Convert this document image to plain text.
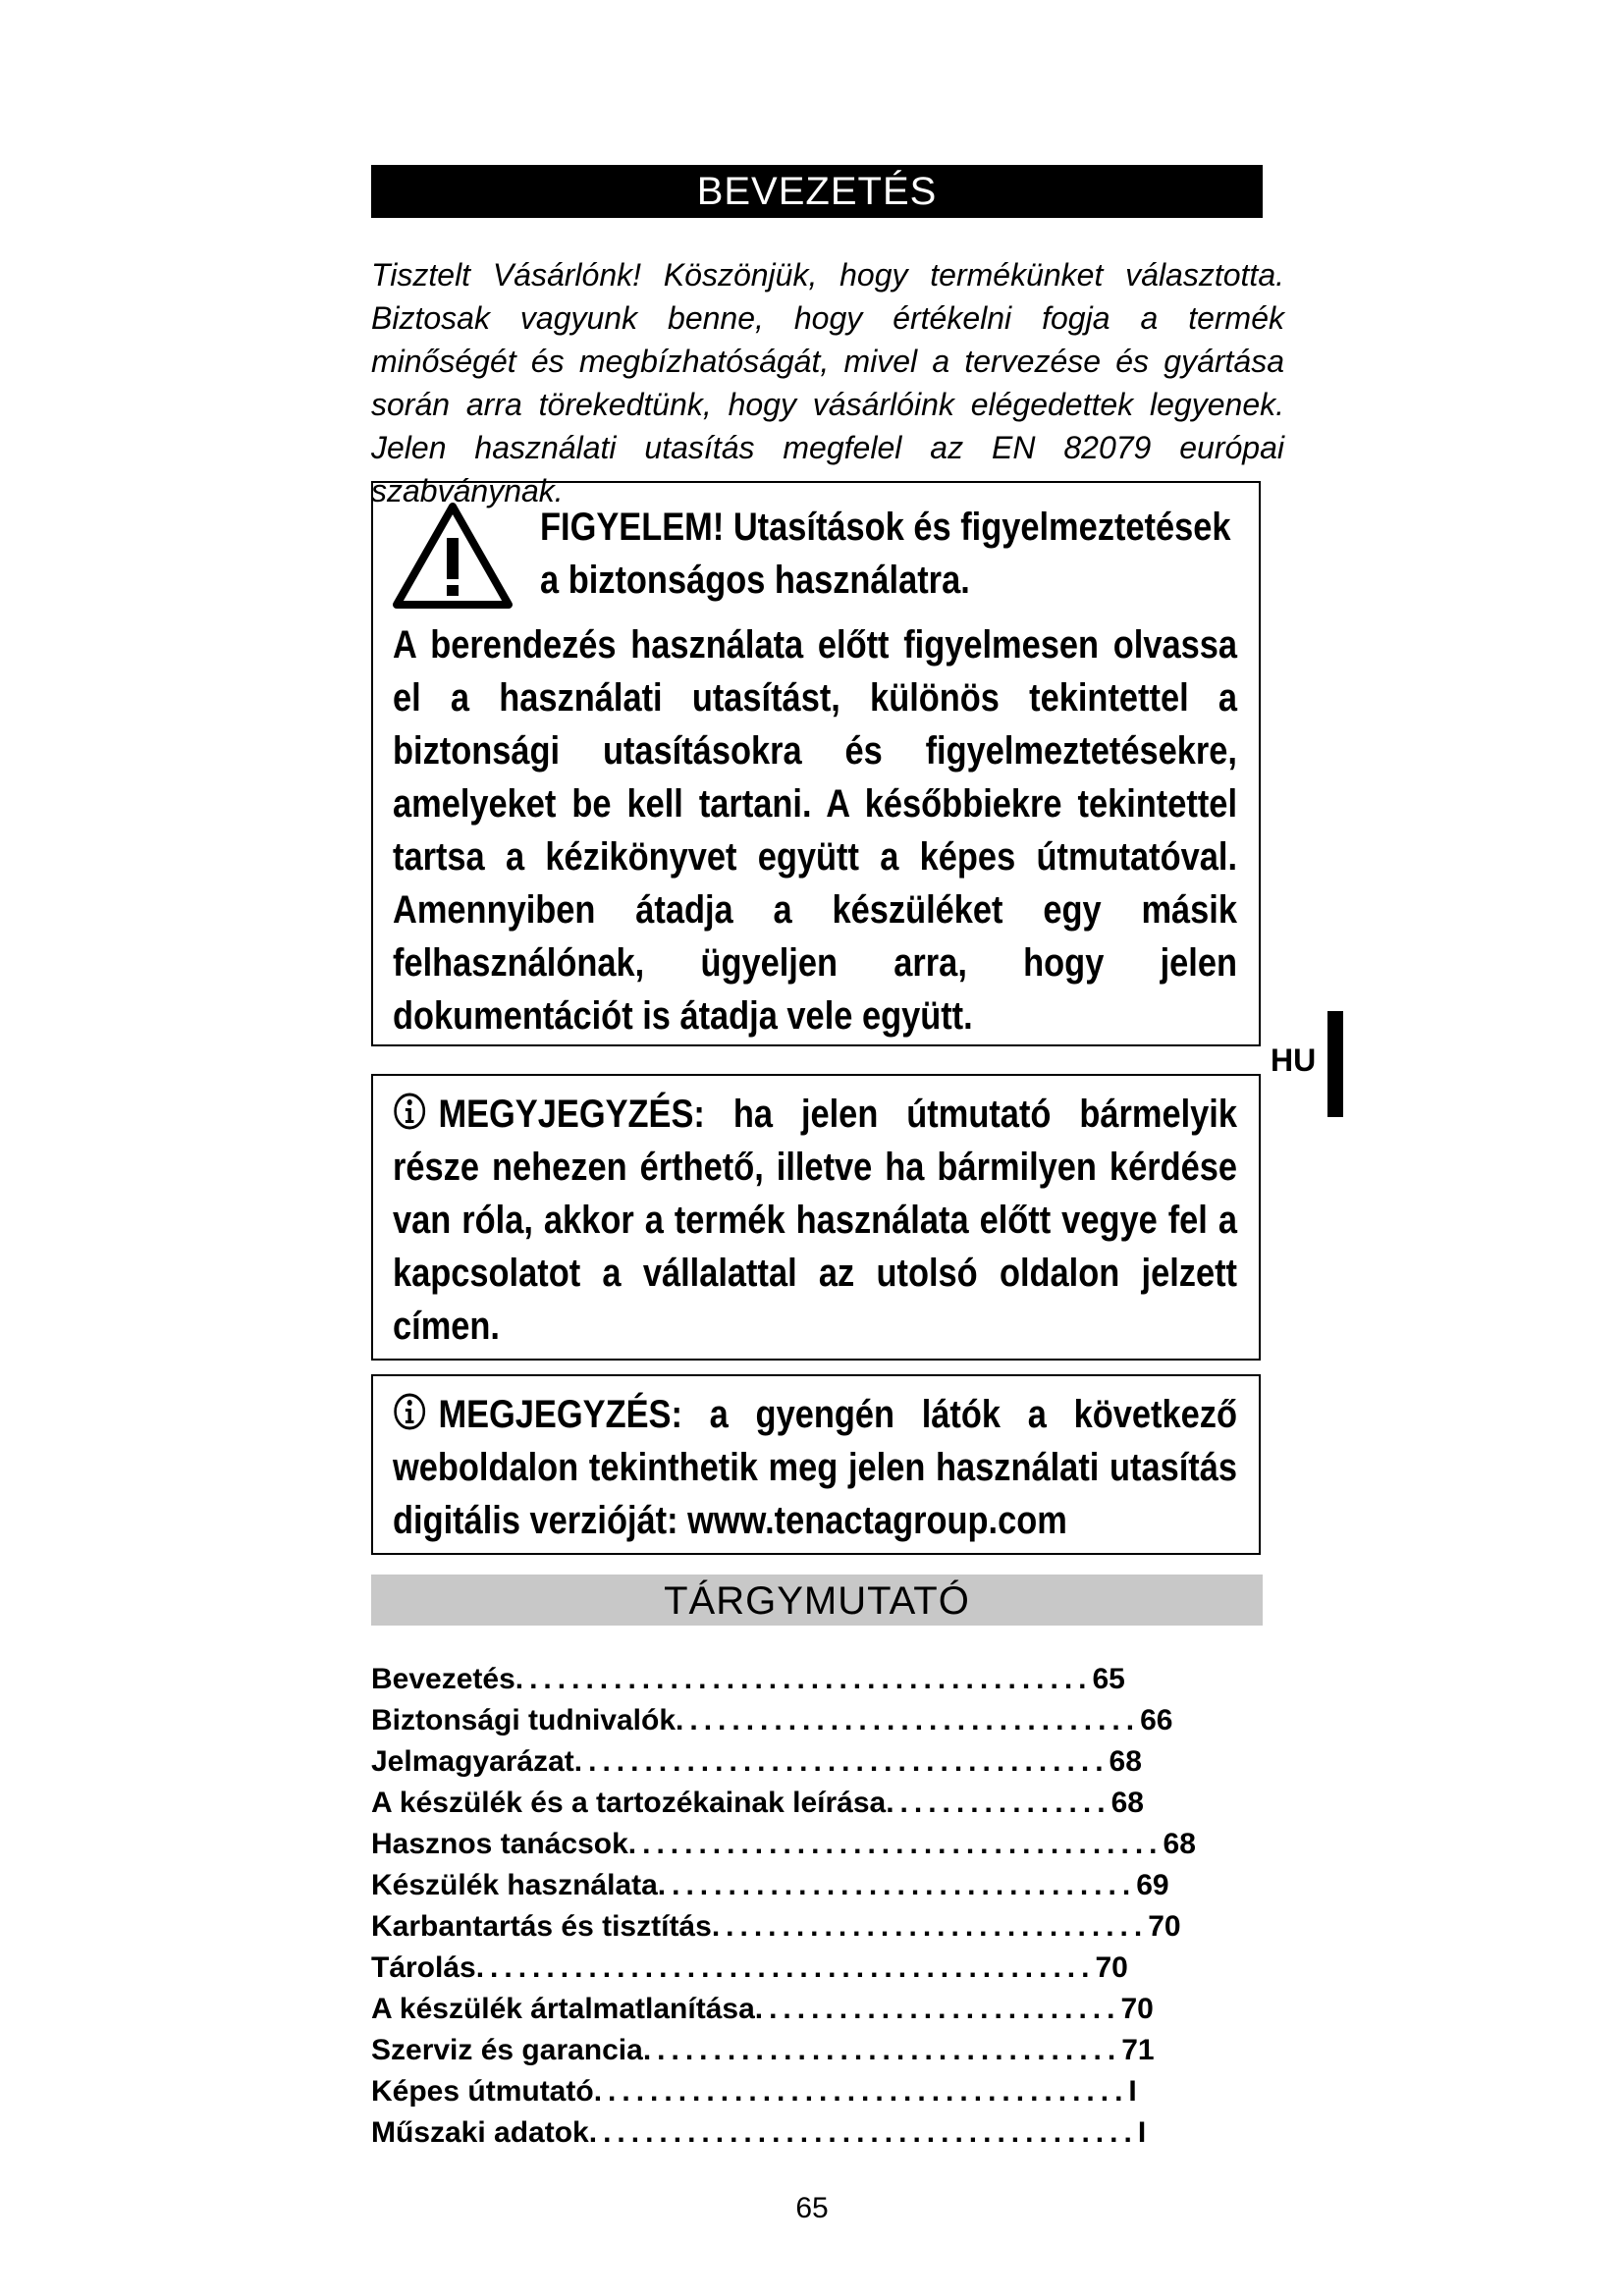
BEVEZETÉS
Tisztelt Vásárlónk! Köszönjük, hogy termékünket választotta. Biztosak vagyunk benne, hogy értékelni fogja a termék minőségét és megbízhatóságát, mivel a tervezése és gyártása során arra törekedtünk, hogy vásárlóink elégedettek legyenek. Jelen használati utasítás megfelel az EN 82079 európai szabványnak.
FIGYELEM! Utasítások és figyelmeztetések
a biztonságos használatra.
A berendezés használata előtt figyelmesen olvassa el a használati utasítást, különös tekintettel a biztonsági utasításokra és figyelmeztetésekre, amelyeket be kell tartani. A későbbiekre tekintettel tartsa a kézikönyvet együtt a képes útmutatóval. Amennyiben átadja a készüléket egy másik felhasználónak, ügyeljen arra, hogy jelen dokumentációt is átadja vele együtt.
HU
MEGYJEGYZÉS: ha jelen útmutató bármelyik része nehezen érthető, illetve ha bármilyen kérdése van róla, akkor a termék használata előtt vegye fel a kapcsolatot a vállalattal az utolsó oldalon jelzett címen.
MEGJEGYZÉS: a gyengén látók a következő weboldalon tekinthetik meg jelen használati utasítás digitális verzióját: www.tenactagroup.com
TÁRGYMUTATÓ
Bevezetés.........................................65
Biztonsági tudnivalók.................................66
Jelmagyarázat......................................68
A készülék és a tartozékainak leírása................68
Hasznos tanácsok......................................68
Készülék használata..................................69
Karbantartás és tisztítás...............................70
Tárolás............................................70
A készülék ártalmatlanítása..........................70
Szerviz és garancia..................................71
Képes útmutató......................................I
Műszaki adatok.......................................I
65
